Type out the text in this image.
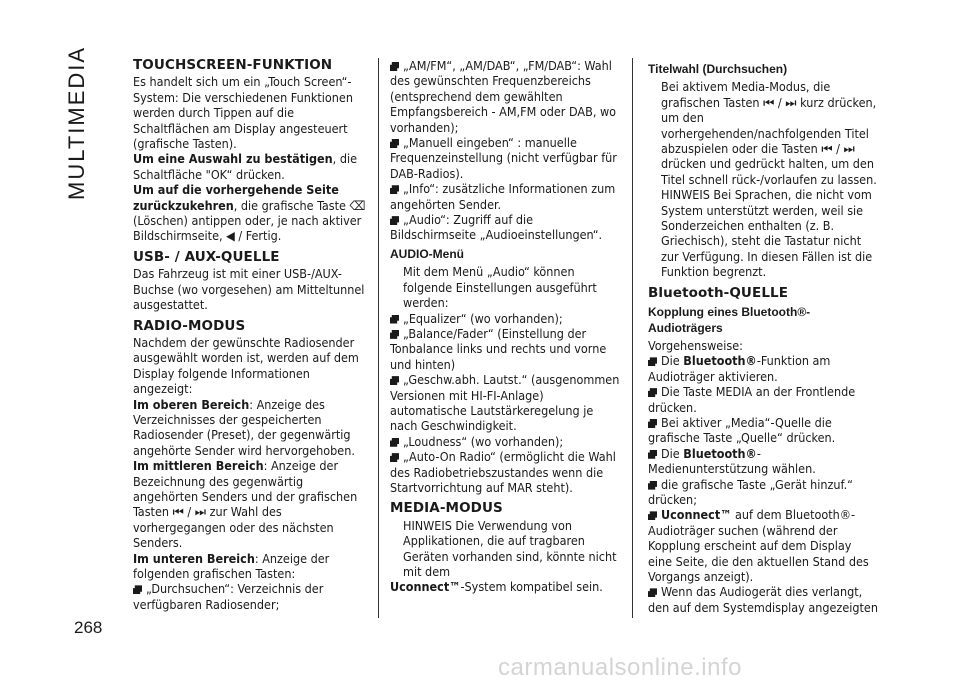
MULTIMEDIA	TOUCHSCREEN-FUNKTION

Es handelt sich um ein „Touch Screen“-System: Die verschiedenen Funktionen werden durch Tippen auf die Schaltflächen am Display angesteuert (grafische Tasten).

Um eine Auswahl zu bestätigen, die Schaltfläche "OK“ drücken.

Um auf die vorhergehende Seite zurückzukehren, die grafische Taste ⌫ (Löschen) antippen oder, je nach aktiver Bildschirmseite, ◀ / Fertig.

USB- / AUX-QUELLE

Das Fahrzeug ist mit einer USB-/AUX-Buchse (wo vorgesehen) am Mitteltunnel ausgestattet.

RADIO-MODUS

Nachdem der gewünschte Radiosender ausgewählt worden ist, werden auf dem Display folgende Informationen angezeigt:

Im oberen Bereich: Anzeige des Verzeichnisses der gespeicherten Radiosender (Preset), der gegenwärtig angehörte Sender wird hervorgehoben.

Im mittleren Bereich: Anzeige der Bezeichnung des gegenwärtig angehörten Senders und der grafischen Tasten ⏮ / ⏭ zur Wahl des vorhergegangen oder des nächsten Senders.

Im unteren Bereich: Anzeige der folgenden grafischen Tasten:

„Durchsuchen“: Verzeichnis der verfügbaren Radiosender;

„AM/FM“, „AM/DAB“, „FM/DAB“: Wahl des gewünschten Frequenzbereichs (entsprechend dem gewählten Empfangsbereich - AM,FM oder DAB, wo vorhanden);

„Manuell eingeben“ : manuelle Frequenzeinstellung (nicht verfügbar für DAB-Radios).

„Info“: zusätzliche Informationen zum angehörten Sender.

„Audio“: Zugriff auf die Bildschirmseite „Audioeinstellungen“.

AUDIO-Menü

Mit dem Menü „Audio“ können folgende Einstellungen ausgeführt werden:

„Equalizer“ (wo vorhanden);

„Balance/Fader“ (Einstellung der Tonbalance links und rechts und vorne und hinten)

„Geschw.abh. Lautst.“ (ausgenommen Versionen mit HI-FI-Anlage) automatische Lautstärkeregelung je nach Geschwindigkeit.

„Loudness“ (wo vorhanden);

„Auto-On Radio“ (ermöglicht die Wahl des Radiobetriebszustandes wenn die Startvorrichtung auf MAR steht).

MEDIA-MODUS

HINWEIS Die Verwendung von Applikationen, die auf tragbaren Geräten vorhanden sind, könnte nicht mit dem

Uconnect™-System kompatibel sein.

Titelwahl (Durchsuchen)

Bei aktivem Media-Modus, die grafischen Tasten ⏮ / ⏭ kurz drücken, um den vorhergehenden/nachfolgenden Titel abzuspielen oder die Tasten ⏮ / ⏭ drücken und gedrückt halten, um den Titel schnell rück-/vorlaufen zu lassen.

HINWEIS Bei Sprachen, die nicht vom System unterstützt werden, weil sie Sonderzeichen enthalten (z. B. Griechisch), steht die Tastatur nicht zur Verfügung. In diesen Fällen ist die Funktion begrenzt.

Bluetooth-QUELLE
Kopplung eines Bluetooth®-Audioträgers

Vorgehensweise:

Die Bluetooth®-Funktion am Audioträger aktivieren.

Die Taste MEDIA an der Frontlende drücken.

Bei aktiver „Media“-Quelle die grafische Taste „Quelle“ drücken.

Die Bluetooth®-Medienunterstützung wählen.

die grafische Taste „Gerät hinzuf.“ drücken;

Uconnect™ auf dem Bluetooth®-Audioträger suchen (während der Kopplung erscheint auf dem Display eine Seite, die den aktuellen Stand des Vorgangs anzeigt).

Wenn das Audiogerät dies verlangt, den auf dem Systemdisplay angezeigten

268
carmanualsonline.info
